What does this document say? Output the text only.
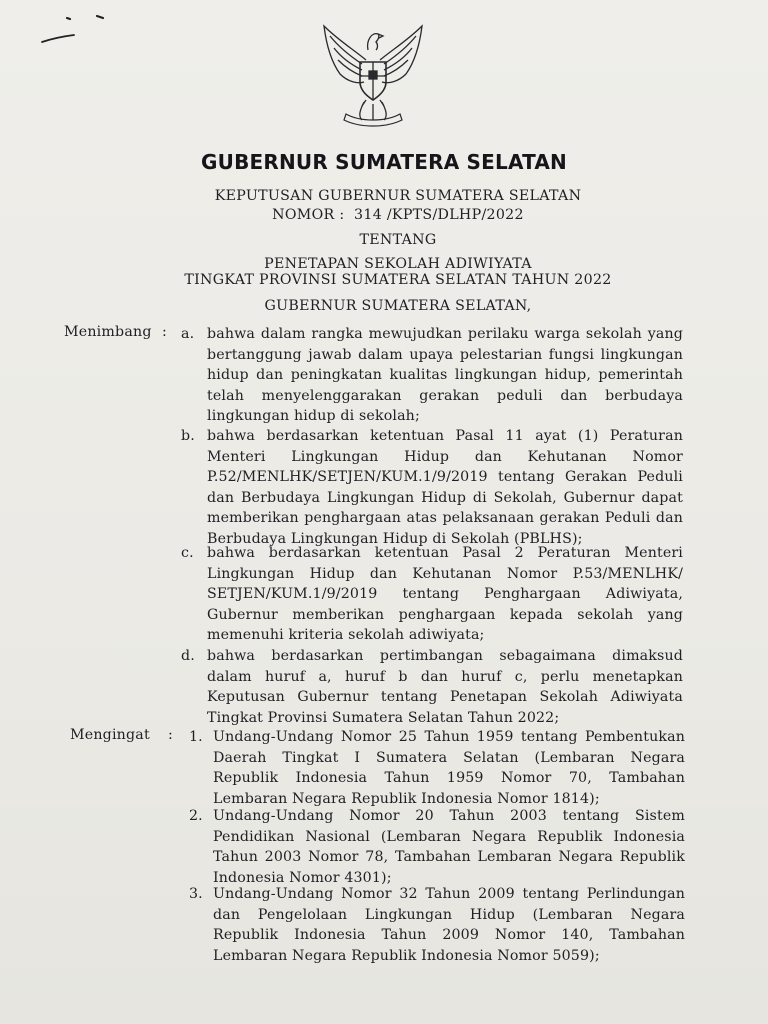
GUBERNUR SUMATERA SELATAN
KEPUTUSAN GUBERNUR SUMATERA SELATAN
NOMOR :  314 /KPTS/DLHP/2022
TENTANG
PENETAPAN SEKOLAH ADIWIYATA
TINGKAT PROVINSI SUMATERA SELATAN TAHUN 2022
GUBERNUR SUMATERA SELATAN,
Menimbang : a. bahwa dalam rangka mewujudkan perilaku warga sekolah yang bertanggung jawab dalam upaya pelestarian fungsi lingkungan hidup dan peningkatan kualitas lingkungan hidup, pemerintah telah menyelenggarakan gerakan peduli dan berbudaya lingkungan hidup di sekolah;
b. bahwa berdasarkan ketentuan Pasal 11 ayat (1) Peraturan Menteri Lingkungan Hidup dan Kehutanan Nomor P.52/MENLHK/SETJEN/KUM.1/9/2019 tentang Gerakan Peduli dan Berbudaya Lingkungan Hidup di Sekolah, Gubernur dapat memberikan penghargaan atas pelaksanaan gerakan Peduli dan Berbudaya Lingkungan Hidup di Sekolah (PBLHS);
c. bahwa berdasarkan ketentuan Pasal 2 Peraturan Menteri Lingkungan Hidup dan Kehutanan Nomor P.53/MENLHK/ SETJEN/KUM.1/9/2019 tentang Penghargaan Adiwiyata, Gubernur memberikan penghargaan kepada sekolah yang memenuhi kriteria sekolah adiwiyata;
d. bahwa berdasarkan pertimbangan sebagaimana dimaksud dalam huruf a, huruf b dan huruf c, perlu menetapkan Keputusan Gubernur tentang Penetapan Sekolah Adiwiyata Tingkat Provinsi Sumatera Selatan Tahun 2022;
Mengingat : 1. Undang-Undang Nomor 25 Tahun 1959 tentang Pembentukan Daerah Tingkat I Sumatera Selatan (Lembaran Negara Republik Indonesia Tahun 1959 Nomor 70, Tambahan Lembaran Negara Republik Indonesia Nomor 1814);
2. Undang-Undang Nomor 20 Tahun 2003 tentang Sistem Pendidikan Nasional (Lembaran Negara Republik Indonesia Tahun 2003 Nomor 78, Tambahan Lembaran Negara Republik Indonesia Nomor 4301);
3. Undang-Undang Nomor 32 Tahun 2009 tentang Perlindungan dan Pengelolaan Lingkungan Hidup (Lembaran Negara Republik Indonesia Tahun 2009 Nomor 140, Tambahan Lembaran Negara Republik Indonesia Nomor 5059);
